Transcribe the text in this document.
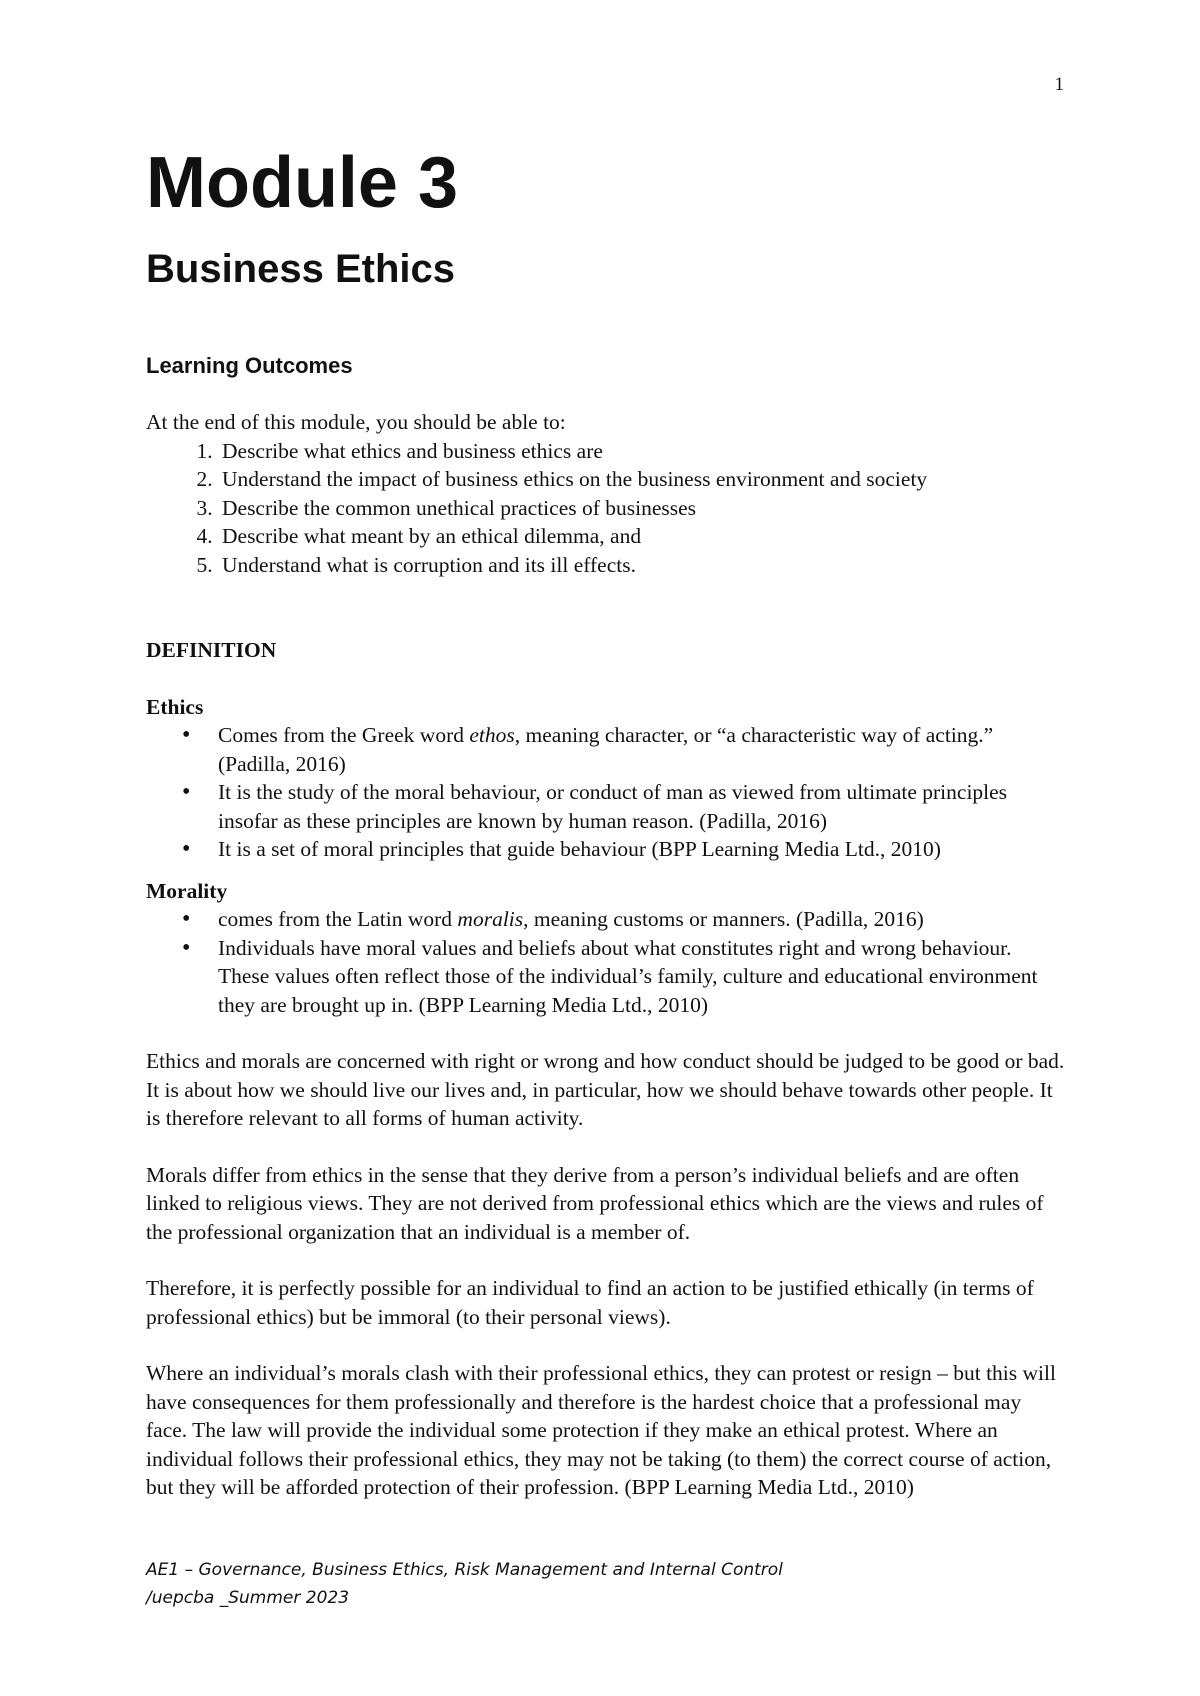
1
Module 3
Business Ethics
Learning Outcomes
At the end of this module, you should be able to:
1. Describe what ethics and business ethics are
2. Understand the impact of business ethics on the business environment and society
3. Describe the common unethical practices of businesses
4. Describe what meant by an ethical dilemma, and
5. Understand what is corruption and its ill effects.
DEFINITION
Ethics
• Comes from the Greek word ethos, meaning character, or “a characteristic way of acting.” (Padilla, 2016)
• It is the study of the moral behaviour, or conduct of man as viewed from ultimate principles insofar as these principles are known by human reason. (Padilla, 2016)
• It is a set of moral principles that guide behaviour (BPP Learning Media Ltd., 2010)
Morality
• comes from the Latin word moralis, meaning customs or manners. (Padilla, 2016)
• Individuals have moral values and beliefs about what constitutes right and wrong behaviour. These values often reflect those of the individual’s family, culture and educational environment they are brought up in. (BPP Learning Media Ltd., 2010)

Ethics and morals are concerned with right or wrong and how conduct should be judged to be good or bad. It is about how we should live our lives and, in particular, how we should behave towards other people. It is therefore relevant to all forms of human activity.

Morals differ from ethics in the sense that they derive from a person’s individual beliefs and are often linked to religious views. They are not derived from professional ethics which are the views and rules of the professional organization that an individual is a member of.

Therefore, it is perfectly possible for an individual to find an action to be justified ethically (in terms of professional ethics) but be immoral (to their personal views).

Where an individual’s morals clash with their professional ethics, they can protest or resign – but this will have consequences for them professionally and therefore is the hardest choice that a professional may face. The law will provide the individual some protection if they make an ethical protest. Where an individual follows their professional ethics, they may not be taking (to them) the correct course of action, but they will be afforded protection of their profession. (BPP Learning Media Ltd., 2010)

AE1 – Governance, Business Ethics, Risk Management and Internal Control
/uepcba _Summer 2023
